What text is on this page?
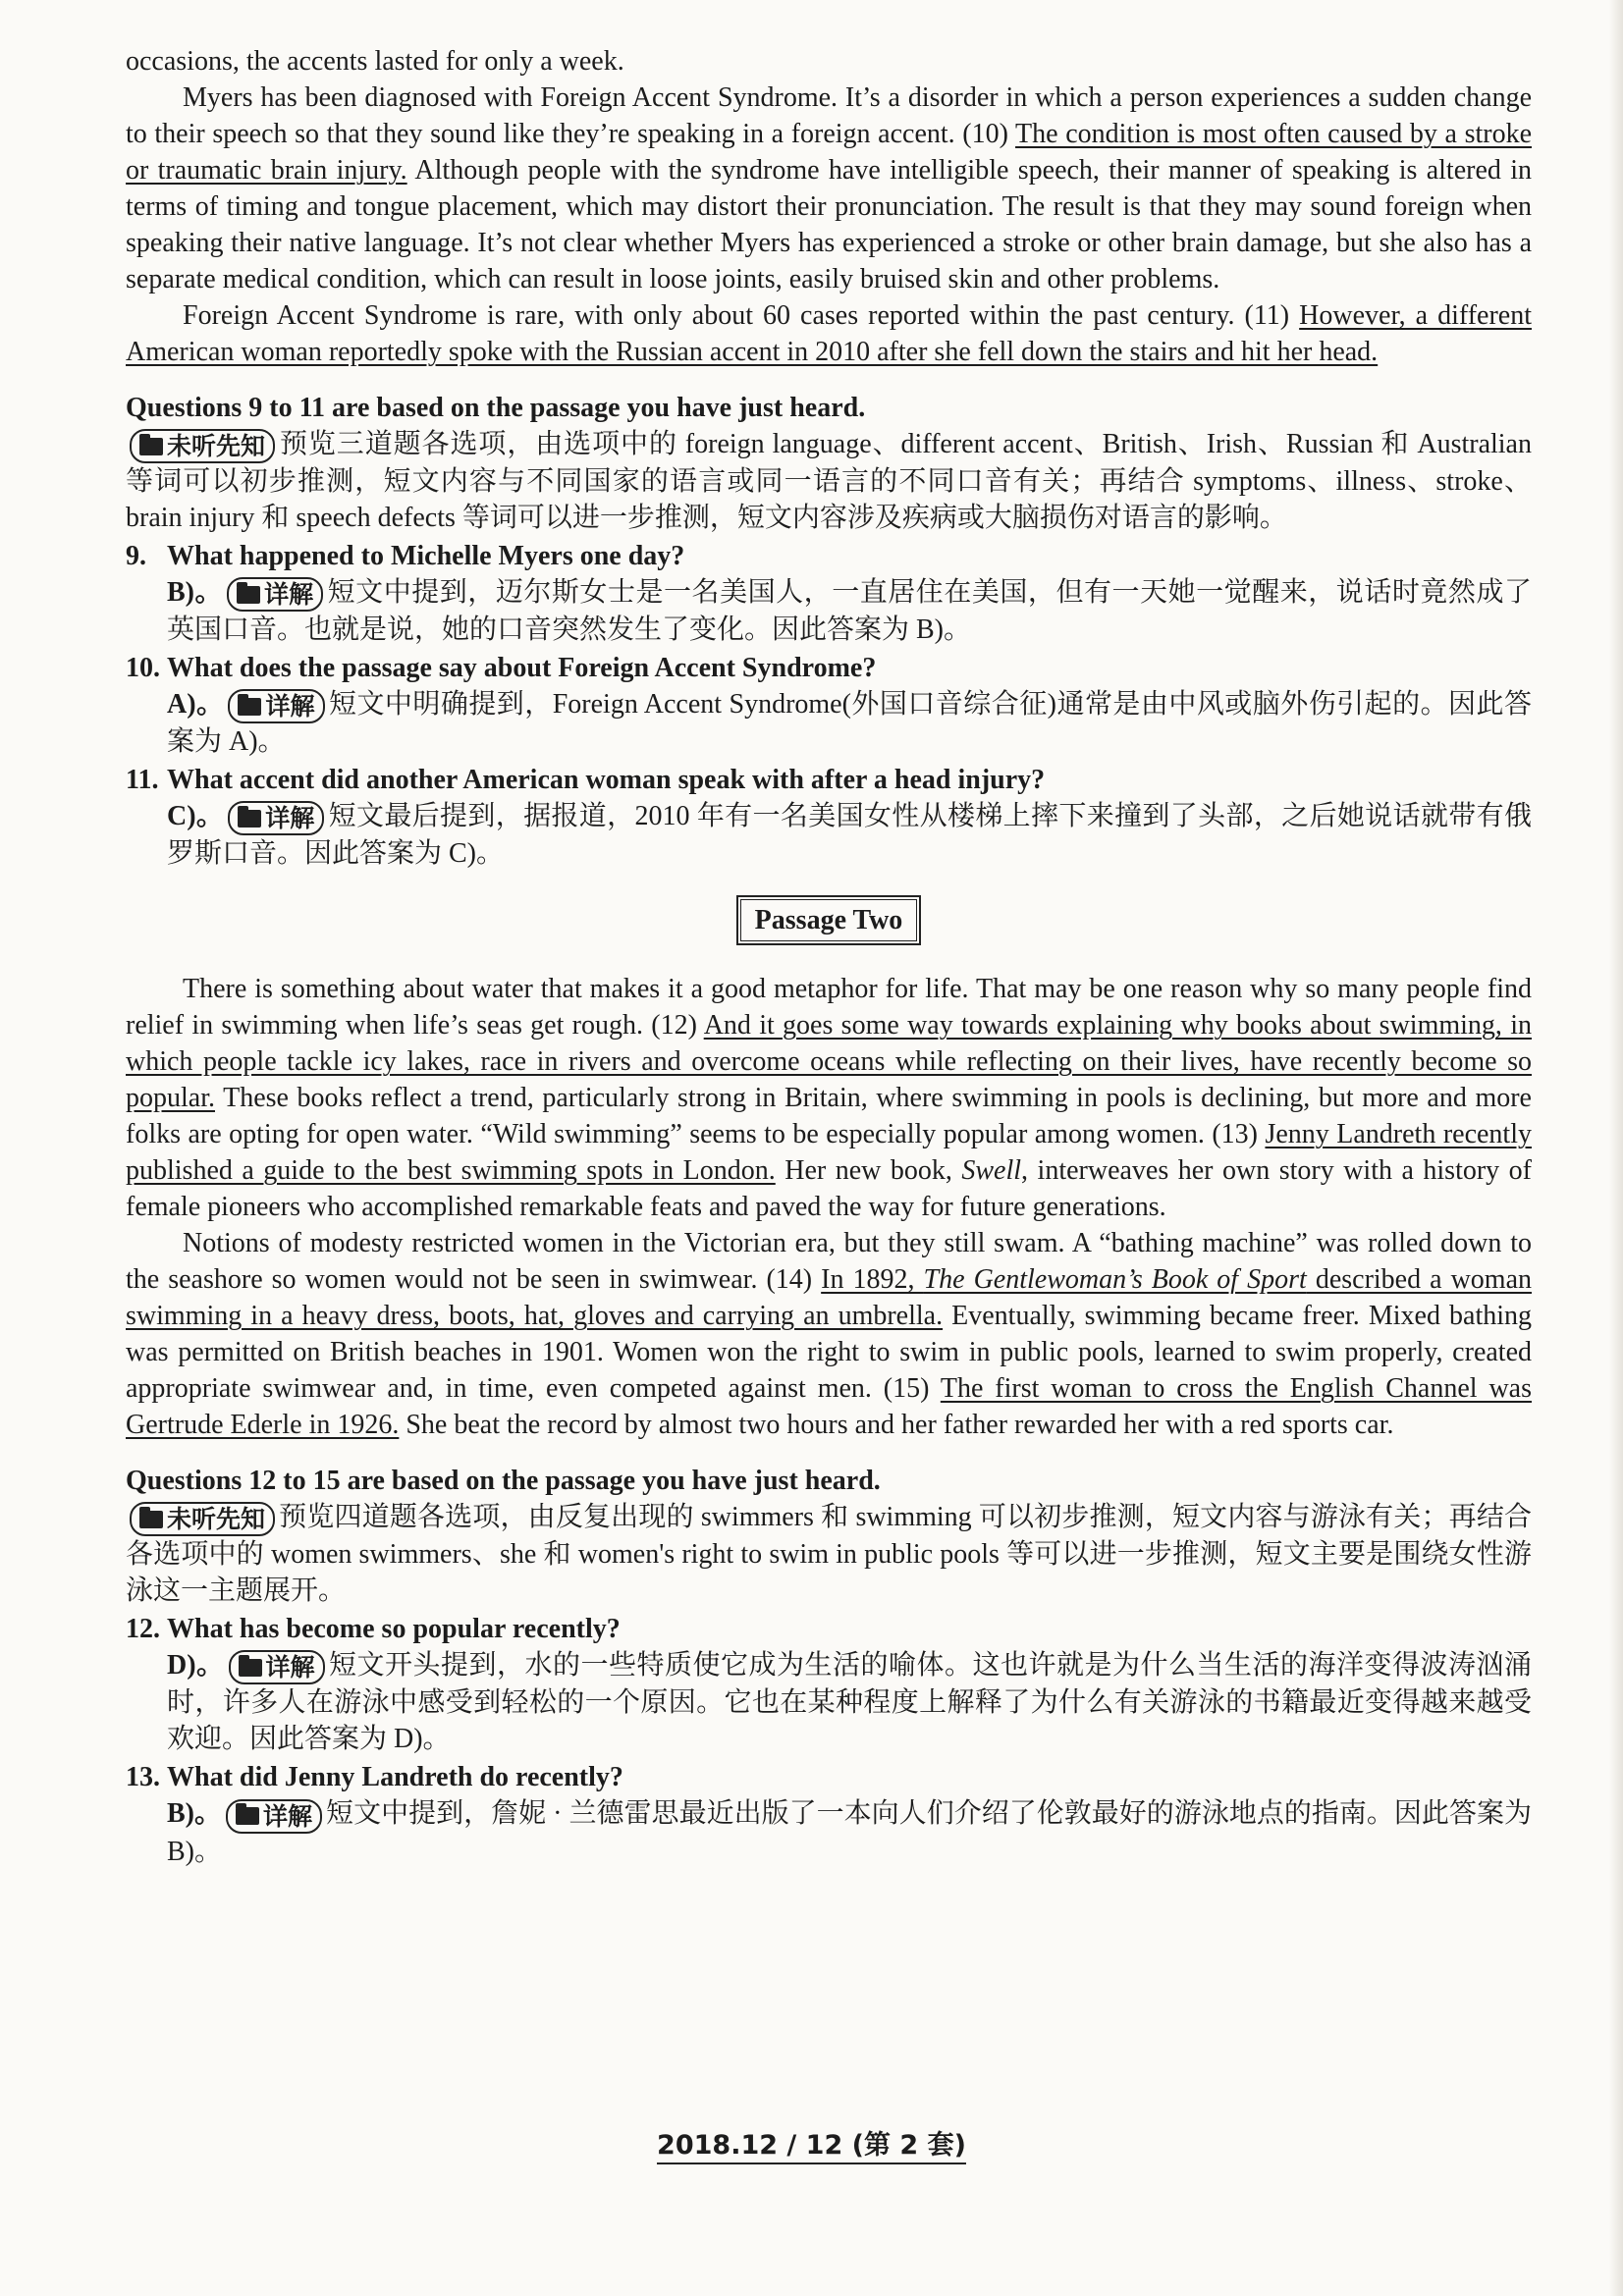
occasions, the accents lasted for only a week.

Myers has been diagnosed with Foreign Accent Syndrome. It’s a disorder in which a person experiences a sudden change to their speech so that they sound like they’re speaking in a foreign accent. (10) The condition is most often caused by a stroke or traumatic brain injury. Although people with the syndrome have intelligible speech, their manner of speaking is altered in terms of timing and tongue placement, which may distort their pronunciation. The result is that they may sound foreign when speaking their native language. It’s not clear whether Myers has experienced a stroke or other brain damage, but she also has a separate medical condition, which can result in loose joints, easily bruised skin and other problems.

Foreign Accent Syndrome is rare, with only about 60 cases reported within the past century. (11) However, a different American woman reportedly spoke with the Russian accent in 2010 after she fell down the stairs and hit her head.

Questions 9 to 11 are based on the passage you have just heard.

未听先知 预览三道题各选项，由选项中的 foreign language、different accent、British、Irish、Russian 和 Australian 等词可以初步推测，短文内容与不同国家的语言或同一语言的不同口音有关；再结合 symptoms、illness、stroke、brain injury 和 speech defects 等词可以进一步推测，短文内容涉及疾病或大脑损伤对语言的影响。

9. What happened to Michelle Myers one day?

B)。 详解 短文中提到，迈尔斯女士是一名美国人，一直居住在美国，但有一天她一觉醒来，说话时竟然成了英国口音。也就是说，她的口音突然发生了变化。因此答案为 B)。

10. What does the passage say about Foreign Accent Syndrome?

A)。 详解 短文中明确提到，Foreign Accent Syndrome(外国口音综合征)通常是由中风或脑外伤引起的。因此答案为 A)。

11. What accent did another American woman speak with after a head injury?

C)。 详解 短文最后提到，据报道，2010 年有一名美国女性从楼梯上摔下来撞到了头部，之后她说话就带有俄罗斯口音。因此答案为 C)。

Passage Two

There is something about water that makes it a good metaphor for life. That may be one reason why so many people find relief in swimming when life’s seas get rough. (12) And it goes some way towards explaining why books about swimming, in which people tackle icy lakes, race in rivers and overcome oceans while reflecting on their lives, have recently become so popular. These books reflect a trend, particularly strong in Britain, where swimming in pools is declining, but more and more folks are opting for open water. “Wild swimming” seems to be especially popular among women. (13) Jenny Landreth recently published a guide to the best swimming spots in London. Her new book, Swell, interweaves her own story with a history of female pioneers who accomplished remarkable feats and paved the way for future generations.

Notions of modesty restricted women in the Victorian era, but they still swam. A “bathing machine” was rolled down to the seashore so women would not be seen in swimwear. (14) In 1892, The Gentlewoman’s Book of Sport described a woman swimming in a heavy dress, boots, hat, gloves and carrying an umbrella. Eventually, swimming became freer. Mixed bathing was permitted on British beaches in 1901. Women won the right to swim in public pools, learned to swim properly, created appropriate swimwear and, in time, even competed against men. (15) The first woman to cross the English Channel was Gertrude Ederle in 1926. She beat the record by almost two hours and her father rewarded her with a red sports car.

Questions 12 to 15 are based on the passage you have just heard.

未听先知 预览四道题各选项，由反复出现的 swimmers 和 swimming 可以初步推测，短文内容与游泳有关；再结合各选项中的 women swimmers、she 和 women's right to swim in public pools 等可以进一步推测，短文主要是围绕女性游泳这一主题展开。

12. What has become so popular recently?

D)。 详解 短文开头提到，水的一些特质使它成为生活的喻体。这也许就是为什么当生活的海洋变得波涛汹涌时，许多人在游泳中感受到轻松的一个原因。它也在某种程度上解释了为什么有关游泳的书籍最近变得越来越受欢迎。因此答案为 D)。

13. What did Jenny Landreth do recently?

B)。 详解 短文中提到，詹妮 · 兰德雷思最近出版了一本向人们介绍了伦敦最好的游泳地点的指南。因此答案为 B)。

2018.12 / 12 (第 2 套)
